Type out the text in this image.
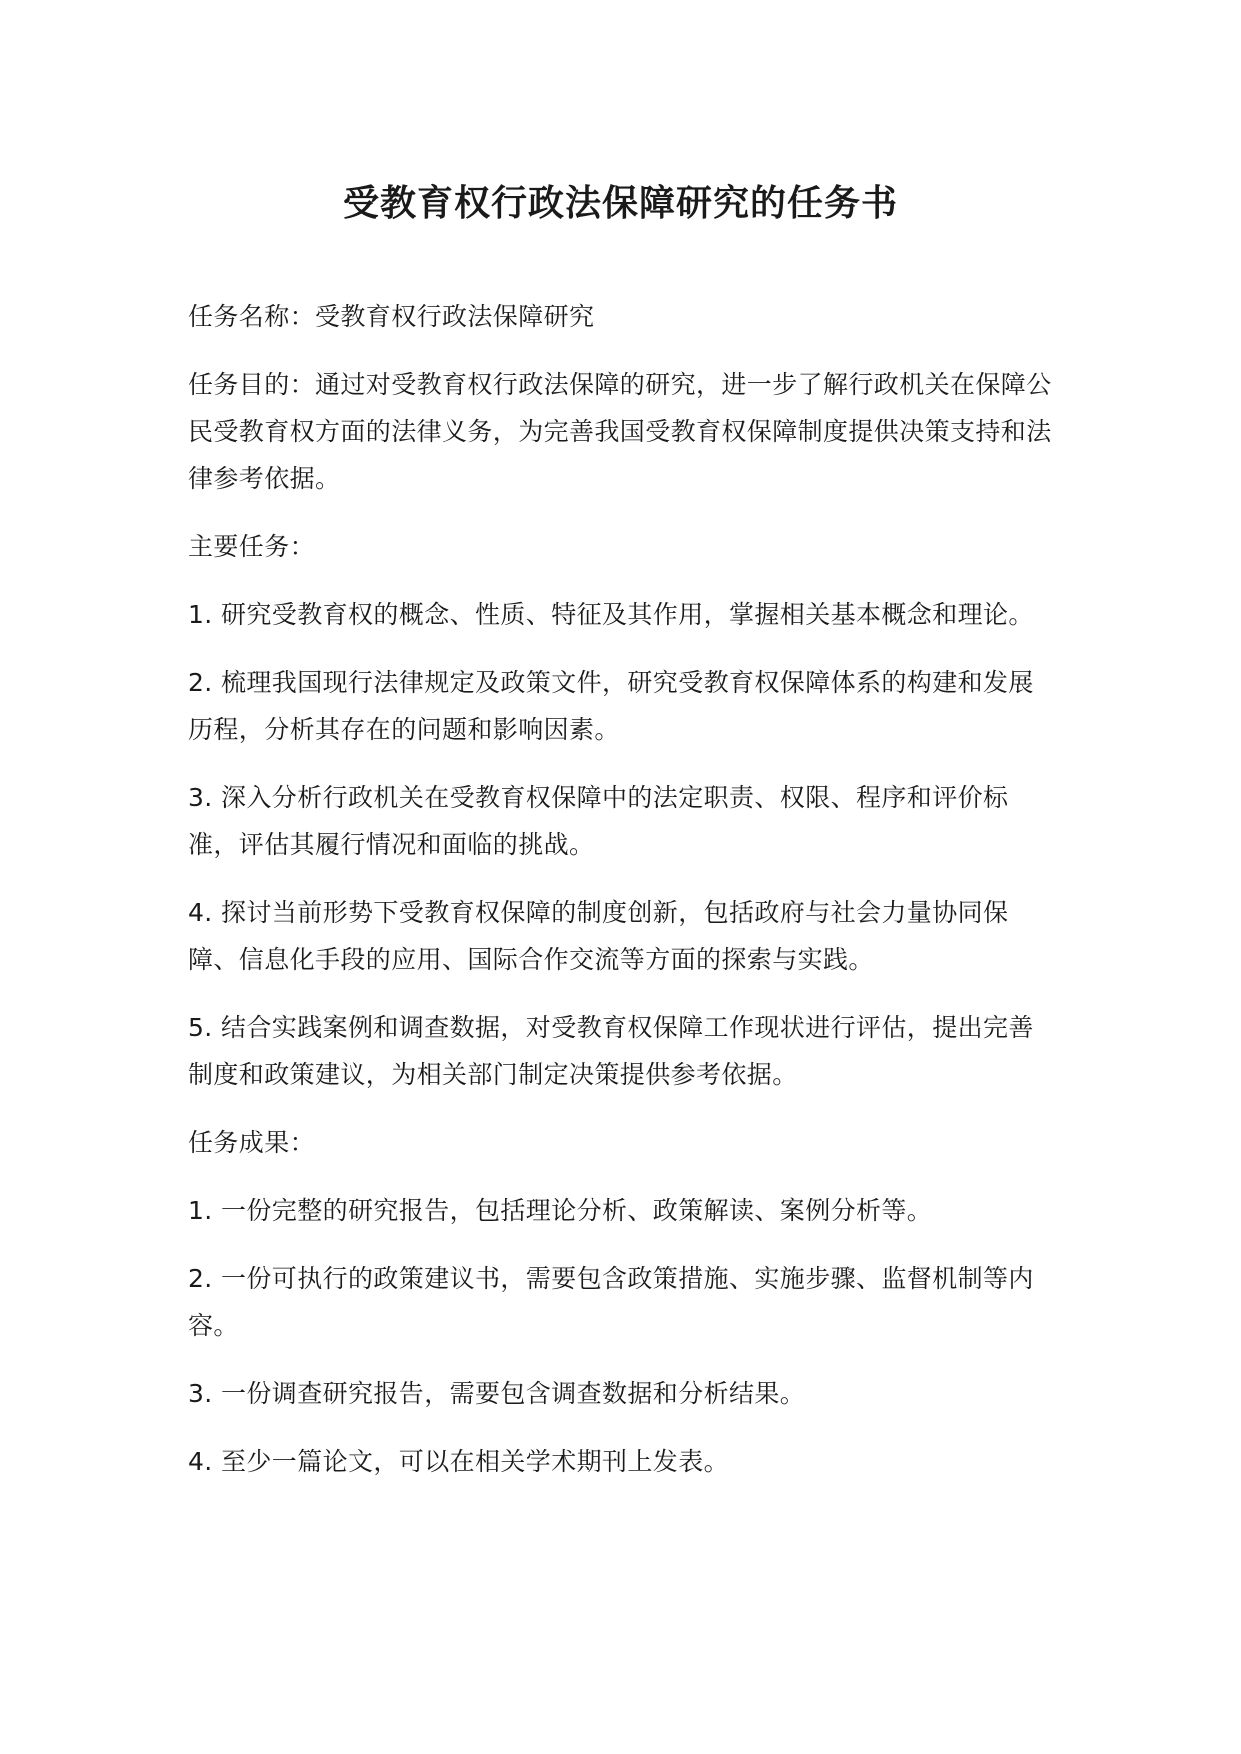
受教育权行政法保障研究的任务书

任务名称：受教育权行政法保障研究

任务目的：通过对受教育权行政法保障的研究，进一步了解行政机关在保障公民受教育权方面的法律义务，为完善我国受教育权保障制度提供决策支持和法律参考依据。

主要任务：

1. 研究受教育权的概念、性质、特征及其作用，掌握相关基本概念和理论。

2. 梳理我国现行法律规定及政策文件，研究受教育权保障体系的构建和发展历程，分析其存在的问题和影响因素。

3. 深入分析行政机关在受教育权保障中的法定职责、权限、程序和评价标准，评估其履行情况和面临的挑战。

4. 探讨当前形势下受教育权保障的制度创新，包括政府与社会力量协同保障、信息化手段的应用、国际合作交流等方面的探索与实践。

5. 结合实践案例和调查数据，对受教育权保障工作现状进行评估，提出完善制度和政策建议，为相关部门制定决策提供参考依据。

任务成果：

1. 一份完整的研究报告，包括理论分析、政策解读、案例分析等。

2. 一份可执行的政策建议书，需要包含政策措施、实施步骤、监督机制等内容。

3. 一份调查研究报告，需要包含调查数据和分析结果。

4. 至少一篇论文，可以在相关学术期刊上发表。
